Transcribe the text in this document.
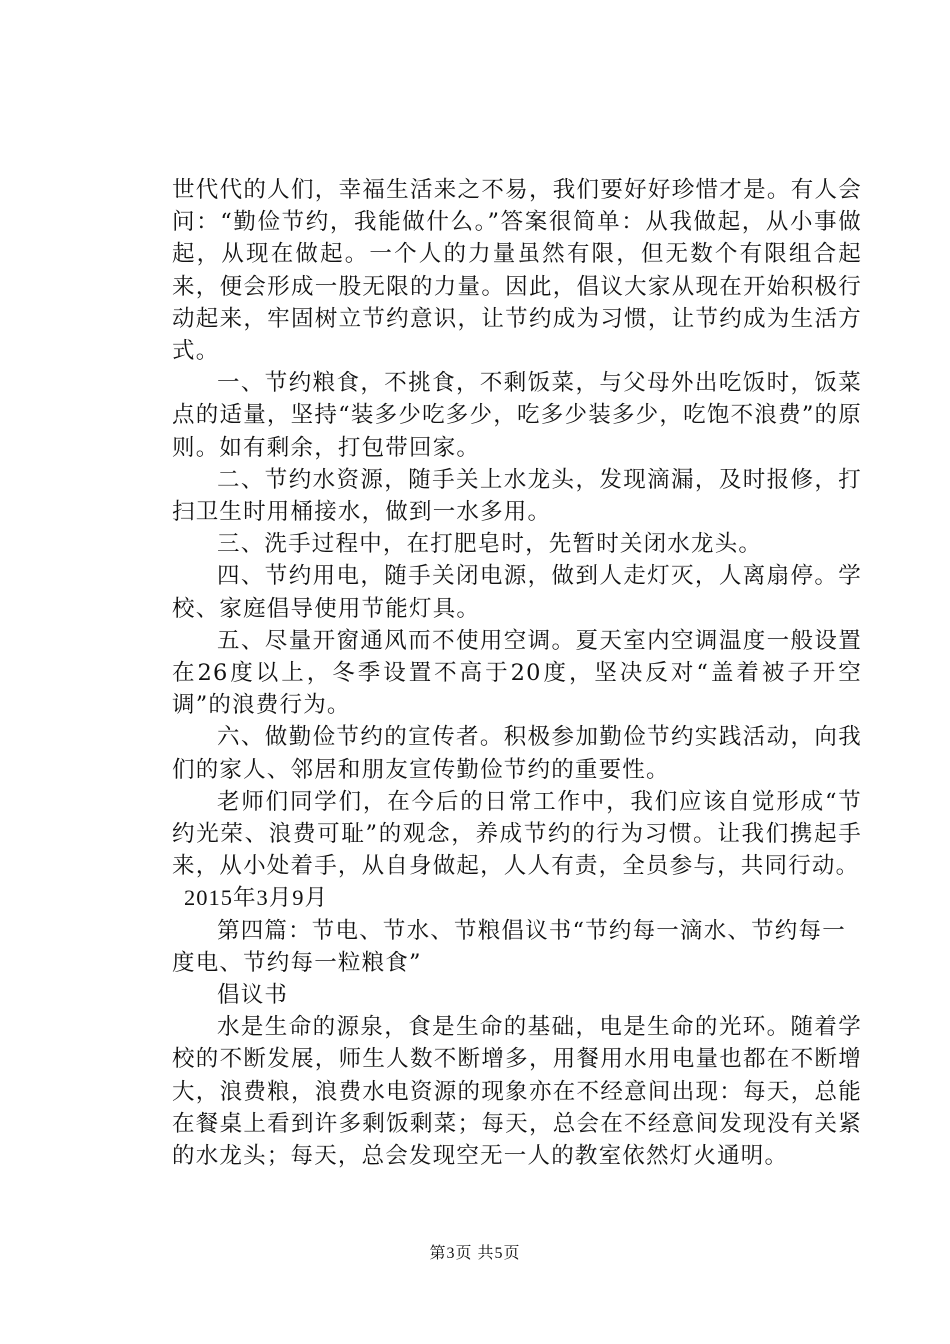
世代代的人们，幸福生活来之不易，我们要好好珍惜才是。有人会问：“勤俭节约，我能做什么。”答案很简单：从我做起，从小事做起，从现在做起。一个人的力量虽然有限，但无数个有限组合起来，便会形成一股无限的力量。因此，倡议大家从现在开始积极行动起来，牢固树立节约意识，让节约成为习惯，让节约成为生活方式。

一、节约粮食，不挑食，不剩饭菜，与父母外出吃饭时，饭菜点的适量，坚持“装多少吃多少，吃多少装多少，吃饱不浪费”的原则。如有剩余，打包带回家。

二、节约水资源，随手关上水龙头，发现滴漏，及时报修，打扫卫生时用桶接水，做到一水多用。

三、洗手过程中，在打肥皂时，先暂时关闭水龙头。

四、节约用电，随手关闭电源，做到人走灯灭，人离扇停。学校、家庭倡导使用节能灯具。

五、尽量开窗通风而不使用空调。夏天室内空调温度一般设置在26度以上，冬季设置不高于20度，坚决反对“盖着被子开空调”的浪费行为。

六、做勤俭节约的宣传者。积极参加勤俭节约实践活动，向我们的家人、邻居和朋友宣传勤俭节约的重要性。

老师们同学们，在今后的日常工作中，我们应该自觉形成“节约光荣、浪费可耻”的观念，养成节约的行为习惯。让我们携起手来，从小处着手，从自身做起，人人有责，全员参与，共同行动。

2015年3月9月

第四篇：节电、节水、节粮倡议书“节约每一滴水、节约每一度电、节约每一粒粮食”

倡议书

水是生命的源泉，食是生命的基础，电是生命的光环。随着学校的不断发展，师生人数不断增多，用餐用水用电量也都在不断增大，浪费粮，浪费水电资源的现象亦在不经意间出现：每天，总能在餐桌上看到许多剩饭剩菜；每天，总会在不经意间发现没有关紧的水龙头；每天，总会发现空无一人的教室依然灯火通明。

第3页 共5页
